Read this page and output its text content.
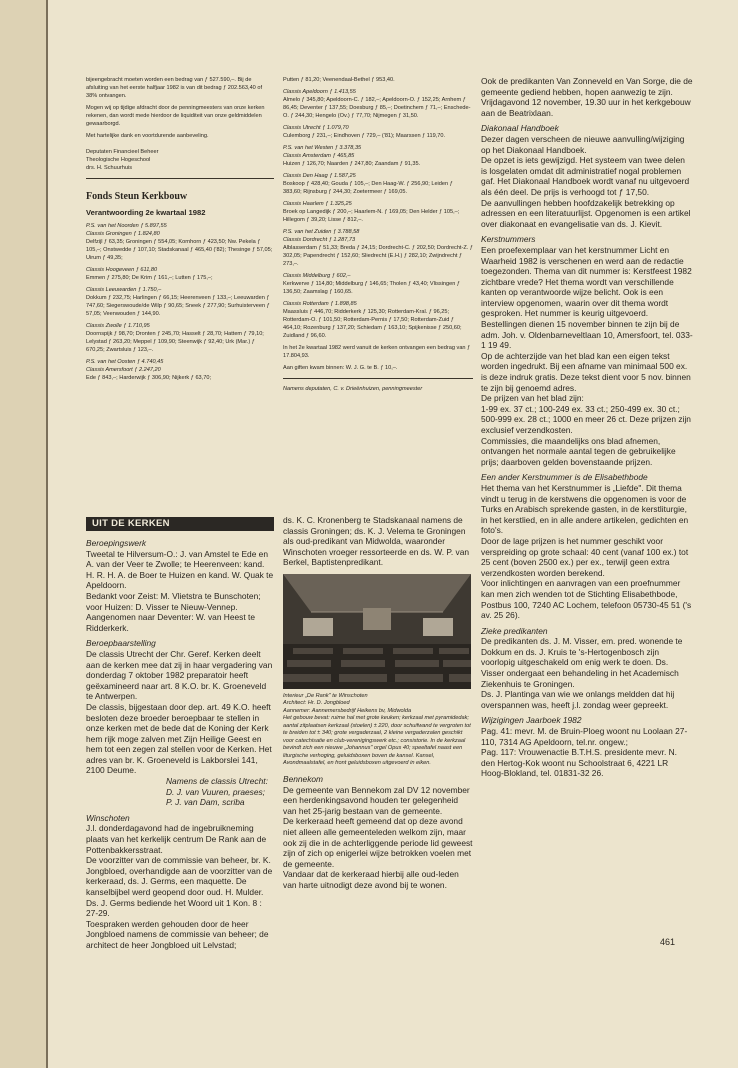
bijeengebracht moeten worden een bedrag van ƒ 527.590,–. Bij de afsluiting van het eerste halfjaar 1982 is van dit bedrag ƒ 202.563,40 of 38% ontvangen.

Mogen wij op tijdige afdracht door de penningmeesters van onze kerken rekenen, dan wordt mede hierdoor de liquiditeit van onze geldmiddelen gewaarborgd.

Met hartelijke dank en voortdurende aanbeveling.

Deputaten Financieel Beheer
Theologische Hogeschool
drs. H. Schuurhuis
Fonds Steun Kerkbouw
Verantwoording 2e kwartaal 1982

P.S. van het Noorden ƒ 5.897,55

Classis Groningen ƒ 1.824,80

Delfzijl ƒ 63,35; Groningen ƒ 554,05; Kornhorn ƒ 423,50; Nw. Pekela ƒ 105,–; Onstwedde ƒ 107,10; Stadskanaal ƒ 465,40 ('82); Thesinge ƒ 57,05; Uirum ƒ 49,35;

Classis Hoogeveen ƒ 611,80

Emmen ƒ 275,80; De Krim ƒ 161,–; Lutten ƒ 175,–;

Classis Leeuwarden ƒ 1.750,–

Dokkum ƒ 232,75; Harlingen ƒ 66,15; Heerenveen ƒ 133,–; Leeuwarden ƒ 747,60; Siegerswoude/de Wilp ƒ 90,65; Sneek ƒ 277,90; Surhuisterveen ƒ 57,05; Veenwouden ƒ 144,90.

Classis Zwolle ƒ 1.710,95

Doornspijk ƒ 98,70; Dronten ƒ 245,70; Hasselt ƒ 28,70; Hattem ƒ 79,10; Lelystad ƒ 263,20; Meppel ƒ 109,90; Steenwijk ƒ 92,40; Urk (Mar.) ƒ 670,25; Zwartsluis ƒ 123,–.

P.S. van het Oosten ƒ 4.740,45

Classis Amersfoort ƒ 2.247,20

Ede ƒ 843,–; Harderwijk ƒ 306,90; Nijkerk ƒ 63,70;

Putten ƒ 81,20; Veenendaal-Bethel ƒ 953,40.

Classis Apeldoorn ƒ 1.413,55

Almelo ƒ 345,80; Apeldoorn-C. ƒ 182,–; Apeldoorn-O. ƒ 152,25; Arnhem ƒ 86,45; Deventer ƒ 137,55; Doesburg ƒ 85,–; Doetinchem ƒ 71,–; Enschede-O. ƒ 244,30; Hengelo (Ov.) ƒ 77,70; Nijmegen ƒ 31,50.

Classis Utrecht ƒ 1.079,70

Culemborg ƒ 231,–; Eindhoven ƒ 729,– ('81); Maarssen ƒ 119,70.

P.S. van het Westen ƒ 3.378,35

Classis Amsterdam ƒ 465,85

Huizen ƒ 126,70; Naarden ƒ 247,80; Zaandam ƒ 91,35.

Classis Den Haag ƒ 1.587,25

Boskoop ƒ 428,40; Gouda ƒ 105,–; Den Haag-W. ƒ 256,90; Leiden ƒ 383,60; Rijnsburg ƒ 244,30; Zoetermeer ƒ 169,05.

Classis Haarlem ƒ 1.325,25

Broek op Langedijk ƒ 200,–; Haarlem-N. ƒ 169,05; Den Helder ƒ 105,–; Hillegom ƒ 39,20; Lisse ƒ 812,–.

P.S. van het Zuiden ƒ 3.788,58

Classis Dordrecht ƒ 1.287,73

Alblasserdam ƒ 51,33; Breda ƒ 24,15; Dordrecht-C. ƒ 202,50; Dordrecht-Z. ƒ 302,05; Papendrecht ƒ 152,60; Sliedrecht (E.H.) ƒ 282,10; Zwijndrecht ƒ 273,–.

Classis Middelburg ƒ 602,–

Kerkwerve ƒ 114,80; Middelburg ƒ 146,65; Tholen ƒ 43,40; Vlissingen ƒ 136,50; Zaamslag ƒ 160,65.

Classis Rotterdam ƒ 1.898,85

Maassluis ƒ 446,70; Ridderkerk ƒ 125,30; Rotterdam-Kral. ƒ 96,25; Rotterdam-O. ƒ 101,50; Rotterdam-Pernis ƒ 17,50; Rotterdam-Zuid ƒ 464,10; Rozenburg ƒ 137,20; Schiedam ƒ 163,10; Spijkenisse ƒ 250,60; Zuidland ƒ 96,60.

In het 2e kwartaal 1982 werd vanuit de kerken ontvangen een bedrag van ƒ 17.804,93.

Aan giften kwam binnen: W. J. G. te B. ƒ 10,–.

Namens deputaten, C. v. Drieënhuizen, penningmeester

UIT DE KERKEN

Beroepingswerk

Tweetal te Hilversum-O.: J. van Amstel te Ede en A. van der Veer te Zwolle; te Heerenveen: kand. H. R. H. A. de Boer te Huizen en kand. W. Quak te Apeldoorn.

Bedankt voor Zeist: M. Vlietstra te Bunschoten; voor Huizen: D. Visser te Nieuw-Vennep.

Aangenomen naar Deventer: W. van Heest te Ridderkerk.

Beroepbaarstelling

De classis Utrecht der Chr. Geref. Kerken deelt aan de kerken mee dat zij in haar vergadering van donderdag 7 oktober 1982 preparatoir heeft geëxamineerd naar art. 8 K.O. br. K. Groeneveld te Antwerpen.

De classis, bijgestaan door dep. art. 49 K.O. heeft besloten deze broeder beroepbaar te stellen in onze kerken met de bede dat de Koning der Kerk hem rijk moge zalven met Zijn Heilige Geest en hem tot een zegen zal stellen voor de Kerken. Het adres van br. K. Groeneveld is Lakborslei 141, 2100 Deume.

Namens de classis Utrecht:

D. J. van Vuuren, praeses;

P. J. van Dam, scriba

Winschoten

J.l. donderdagavond had de ingebruikneming plaats van het kerkelijk centrum De Rank aan de Pottenbakkersstraat.

De voorzitter van de commissie van beheer, br. K. Jongbloed, overhandigde aan de voorzitter van de kerkeraad, ds. J. Germs, een maquette. De kanselbijbel werd geopend door oud. H. Mulder. Ds. J. Germs bediende het Woord uit 1 Kon. 8 : 27-29.

Toespraken werden gehouden door de heer Jongbloed namens de commissie van beheer; de architect de heer Jongbloed uit Lelvstad;

ds. K. C. Kronenberg te Stadskanaal namens de classis Groningen; ds. K. J. Velema te Groningen als oud-predikant van Midwolda, waaronder Winschoten vroeger ressorteerde en ds. W. P. van Berkel, Baptistenpredikant.

Interieur „De Rank" te Winschoten

Architect: Hr. D. Jongbloed

Aannemer: Aannemersbedrijf Heikens bv, Midwolda

Het gebouw bevat: ruime hal met grote keuken; kerkzaal met pyramidedak; aantal zitplaatsen kerkzaal (stoelen) ± 220, door schuifwand te vergroten tot te breiden tot ± 340; grote vergaderzaal, 2 kleine vergaderzalen geschikt voor catechisatie en club-verenigingswerk etc.; consistorie. In de kerkzaal bevindt zich een nieuwe „Johannus" orgel Opus 40; speeltafel naast een liturgische verhoging, geluidsboxen boven de kansel. Kansel, Avondmaalstafel, en front geluidsboxen uitgevoerd in eiken.

Bennekom

De gemeente van Bennekom zal DV 12 november een herdenkingsavond houden ter gelegenheid van het 25-jarig bestaan van de gemeente.

De kerkeraad heeft gemeend dat op deze avond niet alleen alle gemeenteleden welkom zijn, maar ook zij die in de achterliggende periode lid geweest zijn of zich op enigerlei wijze betrokken voelen met de gemeente.

Vandaar dat de kerkeraad hierbij alle oud-leden van harte uitnodigt deze avond bij te wonen.

Ook de predikanten Van Zonneveld en Van Sorge, die de gemeente gediend hebben, hopen aanwezig te zijn.

Vrijdagavond 12 november, 19.30 uur in het kerkgebouw aan de Beatrixlaan.

Diakonaal Handboek

Dezer dagen verscheen de nieuwe aanvulling/wijziging op het Diakonaal Handboek.

De opzet is iets gewijzigd. Het systeem van twee delen is losgelaten omdat dit administratief nogal problemen gaf. Het Diakonaal Handboek wordt vanaf nu uitgevoerd als één deel. De prijs is verhoogd tot ƒ 17,50.

De aanvullingen hebben hoofdzakelijk betrekking op adressen en een literatuurlijst. Opgenomen is een artikel over diakonaat en evangelisatie van ds. J. Kievit.

Kerstnummers

Een proefexemplaar van het kerstnummer Licht en Waarheid 1982 is verschenen en werd aan de redactie toegezonden. Thema van dit nummer is: Kerstfeest 1982 zichtbare vrede? Het thema wordt van verschillende kanten op verantwoorde wijze belicht. Ook is een interview opgenomen, waarin over dit thema wordt gesproken. Het nummer is keurig uitgevoerd. Bestellingen dienen 15 november binnen te zijn bij de adm. Joh. v. Oldenbarneveltlaan 10, Amersfoort, tel. 033-1 19 49.

Op de achterzijde van het blad kan een eigen tekst worden ingedrukt. Bij een afname van minimaal 500 ex. is deze indruk gratis. Deze tekst dient voor 5 nov. binnen te zijn bij genoemd adres.

De prijzen van het blad zijn:

1-99 ex. 37 ct.; 100-249 ex. 33 ct.; 250-499 ex. 30 ct.; 500-999 ex. 28 ct.; 1000 en meer 26 ct. Deze prijzen zijn exclusief verzendkosten.

Commissies, die maandelijks ons blad afnemen, ontvangen het normale aantal tegen de gebruikelijke prijs; daarboven gelden bovenstaande prijzen.

Een ander Kerstnummer is de Elisabethbode

Het thema van het Kerstnummer is „Liefde". Dit thema vindt u terug in de kerstwens die opgenomen is voor de Turks en Arabisch sprekende gasten, in de kerstliturgie, in het kerstlied, en in alle andere artikelen, gedichten en foto's.

Door de lage prijzen is het nummer geschikt voor verspreiding op grote schaal: 40 cent (vanaf 100 ex.) tot 25 cent (boven 2500 ex.) per ex., terwijl geen extra verzendkosten worden berekend.

Voor inlichtingen en aanvragen van een proefnummer kan men zich wenden tot de Stichting Elisabethbode, Postbus 100, 7240 AC Lochem, telefoon 05730-45 51 ('s av. 25 26).

Zieke predikanten

De predikanten ds. J. M. Visser, em. pred. wonende te Dokkum en ds. J. Kruis te 's-Hertogenbosch zijn voorlopig uitgeschakeld om enig werk te doen. Ds. Visser ondergaat een behandeling in het Academisch Ziekenhuis te Groningen.

Ds. J. Plantinga van wie we onlangs meldden dat hij overspannen was, heeft j.l. zondag weer gepreekt.

Wijzigingen Jaarboek 1982

Pag. 41: mevr. M. de Bruin-Ploeg woont nu Loolaan 27-110, 7314 AG Apeldoorn, tel.nr. ongew.;

Pag. 117: Vrouwenactie B.T.H.S. presidente mevr. N. den Hertog-Kok woont nu Schoolstraat 6, 4221 LR Hoog-Blokland, tel. 01831-32 26.

461
